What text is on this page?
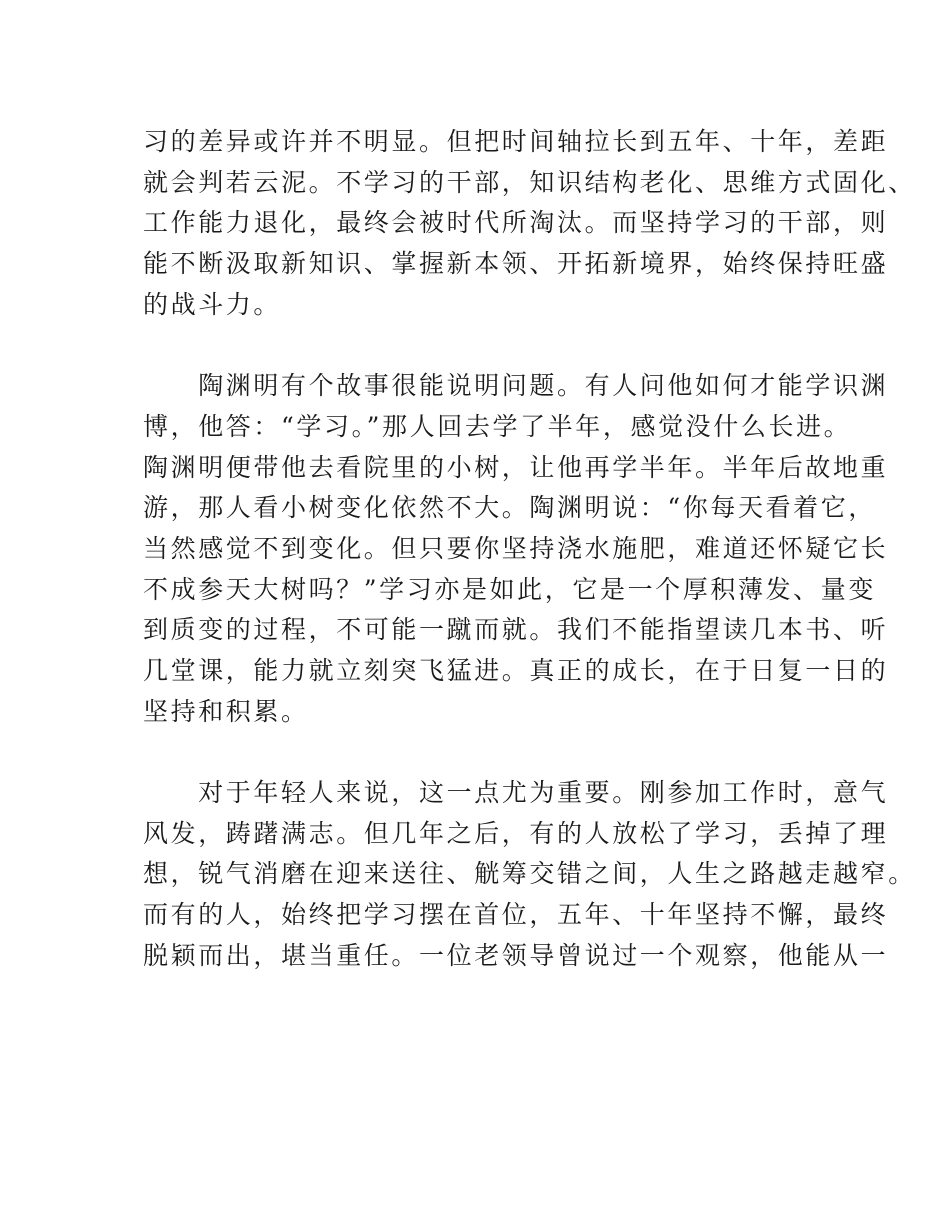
习的差异或许并不明显。但把时间轴拉长到五年、十年，差距
就会判若云泥。不学习的干部，知识结构老化、思维方式固化、
工作能力退化，最终会被时代所淘汰。而坚持学习的干部，则
能不断汲取新知识、掌握新本领、开拓新境界，始终保持旺盛
的战斗力。
　　陶渊明有个故事很能说明问题。有人问他如何才能学识渊
博，他答：“学习。”那人回去学了半年，感觉没什么长进。
陶渊明便带他去看院里的小树，让他再学半年。半年后故地重
游，那人看小树变化依然不大。陶渊明说：“你每天看着它，
当然感觉不到变化。但只要你坚持浇水施肥，难道还怀疑它长
不成参天大树吗？”学习亦是如此，它是一个厚积薄发、量变
到质变的过程，不可能一蹴而就。我们不能指望读几本书、听
几堂课，能力就立刻突飞猛进。真正的成长，在于日复一日的
坚持和积累。
　　对于年轻人来说，这一点尤为重要。刚参加工作时，意气
风发，踌躇满志。但几年之后，有的人放松了学习，丢掉了理
想，锐气消磨在迎来送往、觥筹交错之间，人生之路越走越窄。
而有的人，始终把学习摆在首位，五年、十年坚持不懈，最终
脱颖而出，堪当重任。一位老领导曾说过一个观察，他能从一
